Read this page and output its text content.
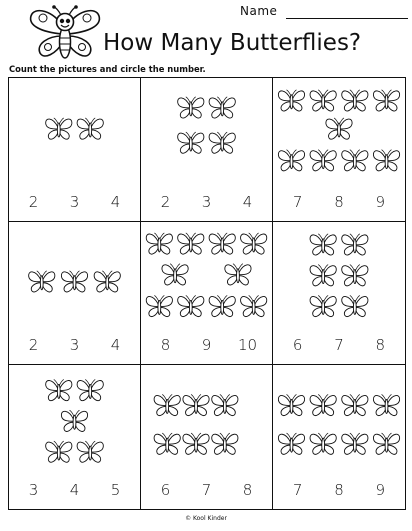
Name
How Many Butterflies?
Count the pictures and circle the number.
2	3	4	2	3	4	7	8	9
2	3	4	8	9	10	6	7	8
3	4	5	6	7	8	7	8	9
© Kool Kinder
